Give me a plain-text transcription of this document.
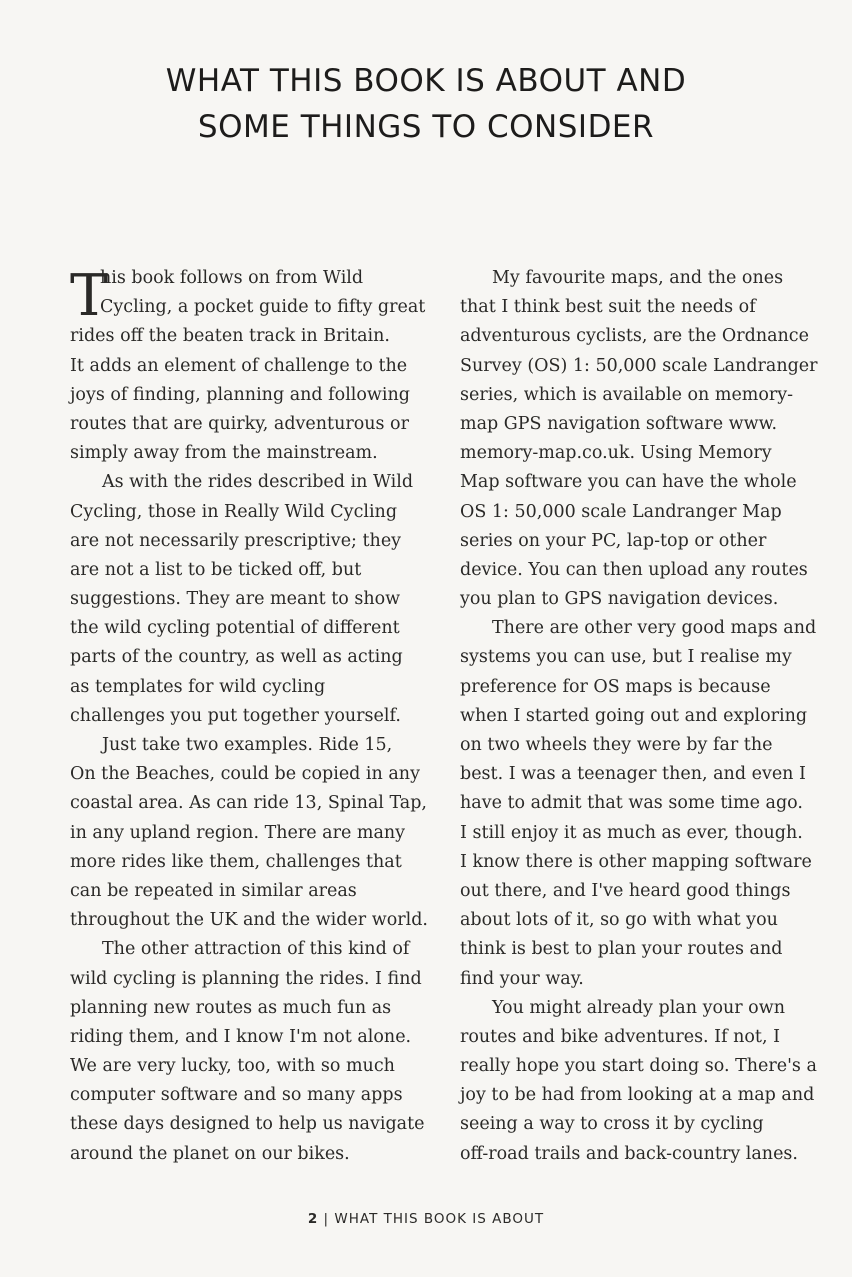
WHAT THIS BOOK IS ABOUT AND
SOME THINGS TO CONSIDER
T
his book follows on from Wild
Cycling, a pocket guide to fifty great
rides off the beaten track in Britain.
It adds an element of challenge to the
joys of finding, planning and following
routes that are quirky, adventurous or
simply away from the mainstream.
As with the rides described in Wild
Cycling, those in Really Wild Cycling
are not necessarily prescriptive; they
are not a list to be ticked off, but
suggestions. They are meant to show
the wild cycling potential of different
parts of the country, as well as acting
as templates for wild cycling
challenges you put together yourself.
Just take two examples. Ride 15,
On the Beaches, could be copied in any
coastal area. As can ride 13, Spinal Tap,
in any upland region. There are many
more rides like them, challenges that
can be repeated in similar areas
throughout the UK and the wider world.
The other attraction of this kind of
wild cycling is planning the rides. I find
planning new routes as much fun as
riding them, and I know I'm not alone.
We are very lucky, too, with so much
computer software and so many apps
these days designed to help us navigate
around the planet on our bikes.
My favourite maps, and the ones
that I think best suit the needs of
adventurous cyclists, are the Ordnance
Survey (OS) 1: 50,000 scale Landranger
series, which is available on memory-
map GPS navigation software www.
memory-map.co.uk. Using Memory
Map software you can have the whole
OS 1: 50,000 scale Landranger Map
series on your PC, lap-top or other
device. You can then upload any routes
you plan to GPS navigation devices.
There are other very good maps and
systems you can use, but I realise my
preference for OS maps is because
when I started going out and exploring
on two wheels they were by far the
best. I was a teenager then, and even I
have to admit that was some time ago.
I still enjoy it as much as ever, though.
I know there is other mapping software
out there, and I've heard good things
about lots of it, so go with what you
think is best to plan your routes and
find your way.
You might already plan your own
routes and bike adventures. If not, I
really hope you start doing so. There's a
joy to be had from looking at a map and
seeing a way to cross it by cycling
off-road trails and back-country lanes.
2 | WHAT THIS BOOK IS ABOUT
